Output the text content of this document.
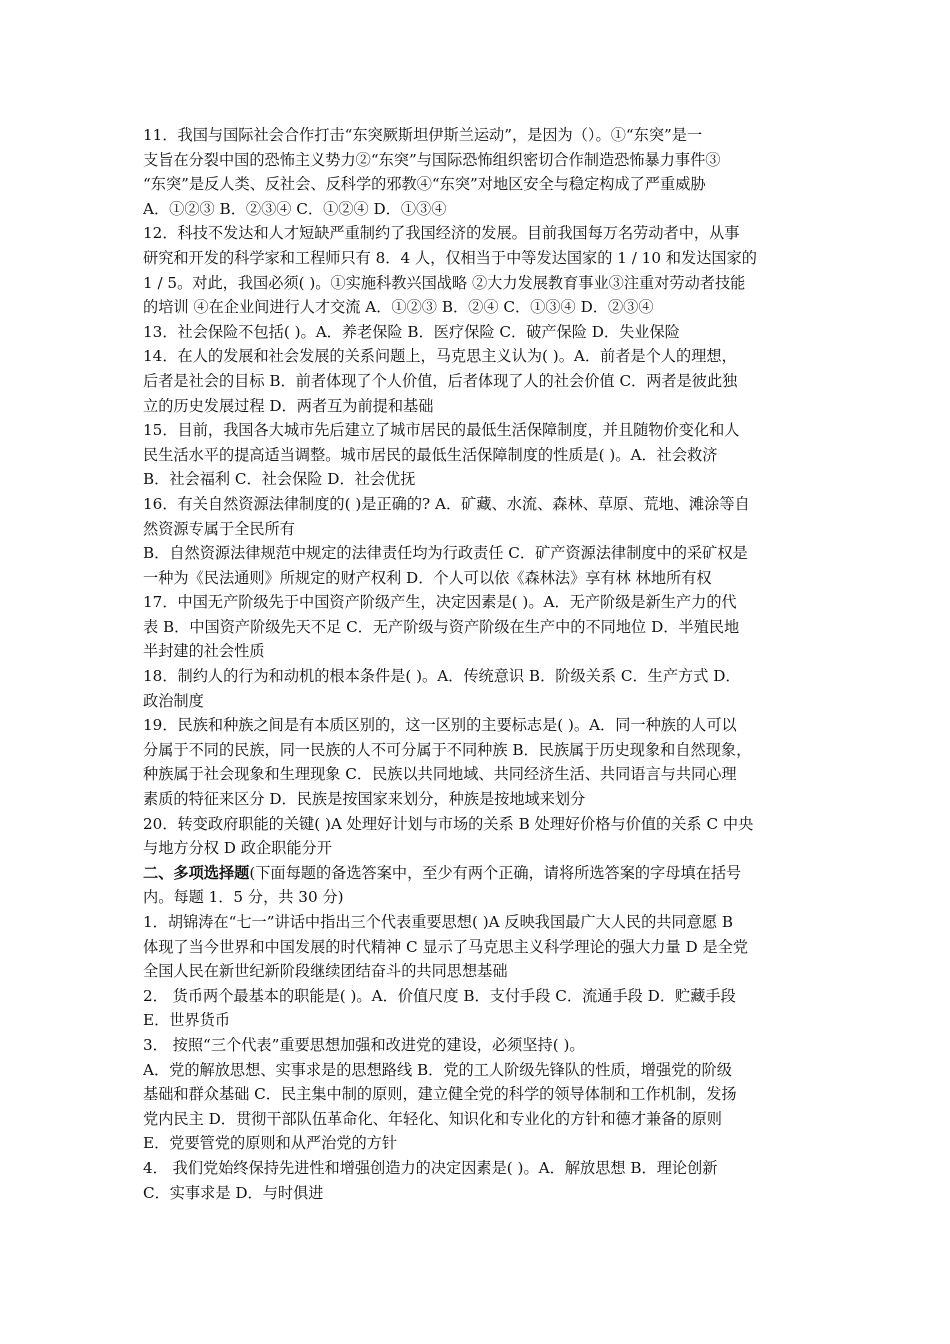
11．我国与国际社会合作打击“东突厥斯坦伊斯兰运动”，是因为（）。①“东突”是一
支旨在分裂中国的恐怖主义势力②“东突”与国际恐怖组织密切合作制造恐怖暴力事件③
“东突”是反人类、反社会、反科学的邪教④“东突”对地区安全与稳定构成了严重威胁
A．①②③ B．②③④ C．①②④ D．①③④
12．科技不发达和人才短缺严重制约了我国经济的发展。目前我国每万名劳动者中，从事
研究和开发的科学家和工程师只有 8．4 人，仅相当于中等发达国家的 1 / 10 和发达国家的
1 / 5。对此，我国必须( )。①实施科教兴国战略 ②大力发展教育事业③注重对劳动者技能
的培训 ④在企业间进行人才交流 A．①②③ B．②④ C．①③④ D．②③④
13．社会保险不包括( )。A．养老保险 B．医疗保险 C．破产保险 D．失业保险
14．在人的发展和社会发展的关系问题上，马克思主义认为( )。A．前者是个人的理想，
后者是社会的目标 B．前者体现了个人价值，后者体现了人的社会价值 C．两者是彼此独
立的历史发展过程 D．两者互为前提和基础
15．目前，我国各大城市先后建立了城市居民的最低生活保障制度，并且随物价变化和人
民生活水平的提高适当调整。城市居民的最低生活保障制度的性质是( )。A．社会救济
B．社会福利 C．社会保险 D．社会优抚
16．有关自然资源法律制度的( )是正确的? A．矿藏、水流、森林、草原、荒地、滩涂等自
然资源专属于全民所有
B．自然资源法律规范中规定的法律责任均为行政责任 C．矿产资源法律制度中的采矿权是
一种为《民法通则》所规定的财产权利 D．个人可以依《森林法》享有林 林地所有权
17．中国无产阶级先于中国资产阶级产生，决定因素是( )。A．无产阶级是新生产力的代
表 B．中国资产阶级先天不足 C．无产阶级与资产阶级在生产中的不同地位 D．半殖民地
半封建的社会性质
18．制约人的行为和动机的根本条件是( )。A．传统意识 B．阶级关系 C．生产方式 D．
政治制度
19．民族和种族之间是有本质区别的，这一区别的主要标志是( )。A．同一种族的人可以
分属于不同的民族，同一民族的人不可分属于不同种族 B．民族属于历史现象和自然现象，
种族属于社会现象和生理现象 C．民族以共同地域、共同经济生活、共同语言与共同心理
素质的特征来区分 D．民族是按国家来划分，种族是按地域来划分
20．转变政府职能的关键( )A 处理好计划与市场的关系 B 处理好价格与价值的关系 C 中央
与地方分权 D 政企职能分开
二、多项选择题(下面每题的备选答案中，至少有两个正确，请将所选答案的字母填在括号
内。每题 1．5 分，共 30 分)
1．胡锦涛在“七一”讲话中指出三个代表重要思想( )A 反映我国最广大人民的共同意愿 B
体现了当今世界和中国发展的时代精神 C 显示了马克思主义科学理论的强大力量 D 是全党
全国人民在新世纪新阶段继续团结奋斗的共同思想基础
2． 货币两个最基本的职能是( )。A．价值尺度 B．支付手段 C．流通手段 D．贮藏手段
E．世界货币
3． 按照“三个代表”重要思想加强和改进党的建设，必须坚持( )。
A．党的解放思想、实事求是的思想路线 B．党的工人阶级先锋队的性质，增强党的阶级
基础和群众基础 C．民主集中制的原则，建立健全党的科学的领导体制和工作机制，发扬
党内民主 D．贯彻干部队伍革命化、年轻化、知识化和专业化的方针和德才兼备的原则
E．党要管党的原则和从严治党的方针
4． 我们党始终保持先进性和增强创造力的决定因素是( )。A．解放思想 B．理论创新
C．实事求是 D．与时俱进
